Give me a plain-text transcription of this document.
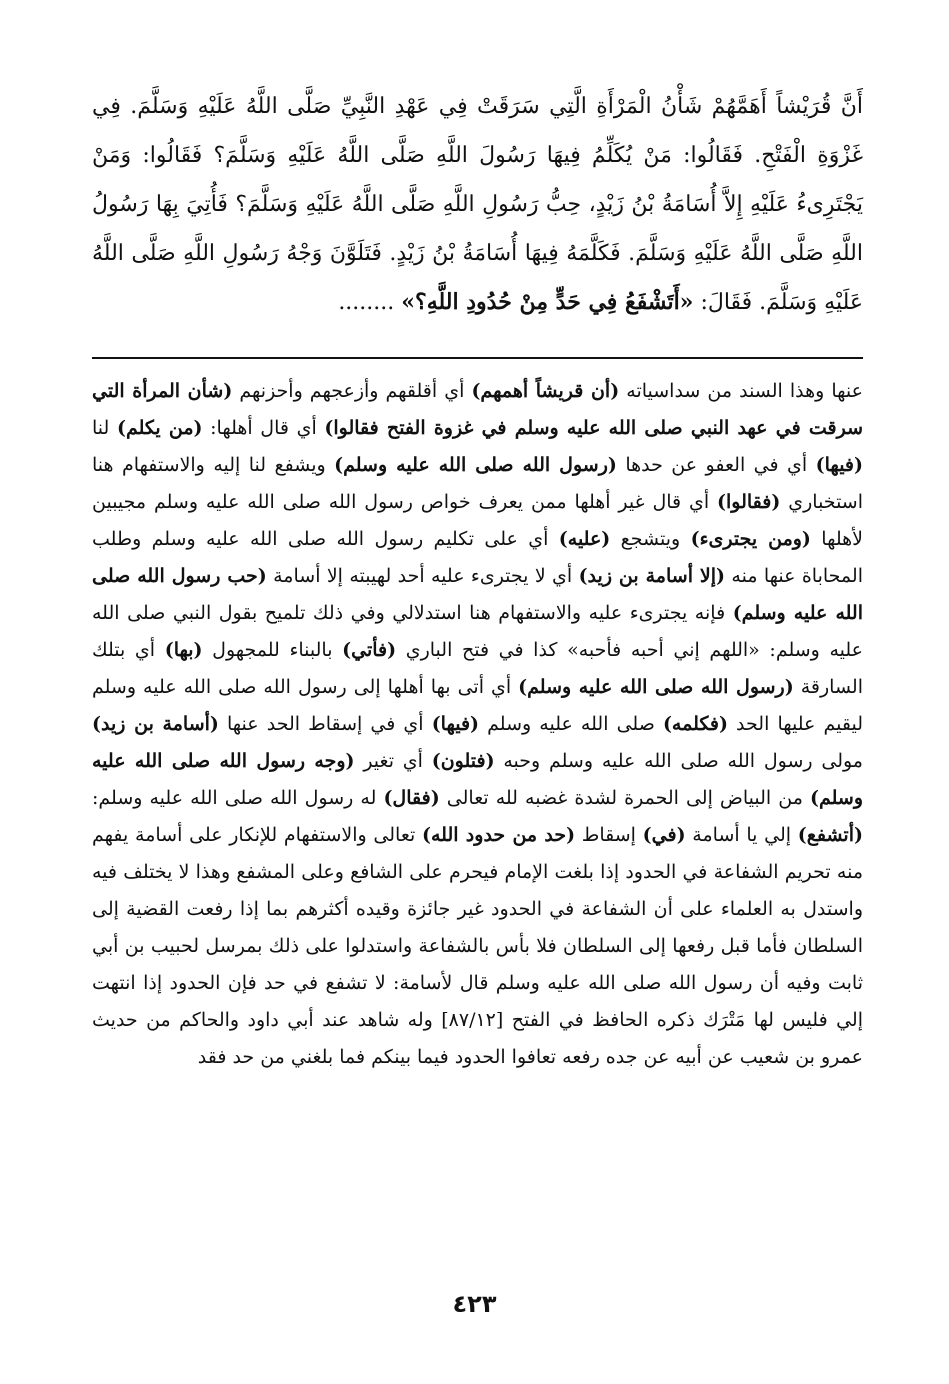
أَنَّ قُرَيْشاً أَهَمَّهُمْ شَأْنُ الْمَرْأَةِ الَّتِي سَرَقَتْ فِي عَهْدِ النَّبِيِّ صَلَّى اللَّهُ عَلَيْهِ وَسَلَّمَ. فِي غَزْوَةِ الْفَتْحِ. فَقَالُوا: مَنْ يُكَلِّمُ فِيهَا رَسُولَ اللَّهِ صَلَّى اللَّهُ عَلَيْهِ وَسَلَّمَ؟ فَقَالُوا: وَمَنْ يَجْتَرِىءُ عَلَيْهِ إِلاَّ أُسَامَةُ بْنُ زَيْدٍ، حِبُّ رَسُولِ اللَّهِ صَلَّى اللَّهُ عَلَيْهِ وَسَلَّمَ؟ فَأُتِيَ بِهَا رَسُولُ اللَّهِ صَلَّى اللَّهُ عَلَيْهِ وَسَلَّمَ. فَكَلَّمَهُ فِيهَا أُسَامَةُ بْنُ زَيْدٍ. فَتَلَوَّنَ وَجْهُ رَسُولِ اللَّهِ صَلَّى اللَّهُ عَلَيْهِ وَسَلَّمَ. فَقَالَ: «أَتَشْفَعُ فِي حَدٍّ مِنْ حُدُودِ اللَّهِ؟» ........

عنها وهذا السند من سداسياته (أن قريشاً أهمهم) أي أقلقهم وأزعجهم وأحزنهم (شأن المرأة التي سرقت في عهد النبي صلى الله عليه وسلم في غزوة الفتح فقالوا) أي قال أهلها: (من يكلم) لنا (فيها) أي في العفو عن حدها (رسول الله صلى الله عليه وسلم) ويشفع لنا إليه والاستفهام هنا استخباري (فقالوا) أي قال غير أهلها ممن يعرف خواص رسول الله صلى الله عليه وسلم مجيبين لأهلها (ومن يجترىء) ويتشجع (عليه) أي على تكليم رسول الله صلى الله عليه وسلم وطلب المحاباة عنها منه (إلا أسامة بن زيد) أي لا يجترىء عليه أحد لهيبته إلا أسامة (حب رسول الله صلى الله عليه وسلم) فإنه يجترىء عليه والاستفهام هنا استدلالي وفي ذلك تلميح بقول النبي صلى الله عليه وسلم: «اللهم إني أحبه فأحبه» كذا في فتح الباري (فأتي) بالبناء للمجهول (بها) أي بتلك السارقة (رسول الله صلى الله عليه وسلم) أي أتى بها أهلها إلى رسول الله صلى الله عليه وسلم ليقيم عليها الحد (فكلمه) صلى الله عليه وسلم (فيها) أي في إسقاط الحد عنها (أسامة بن زيد) مولى رسول الله صلى الله عليه وسلم وحبه (فتلون) أي تغير (وجه رسول الله صلى الله عليه وسلم) من البياض إلى الحمرة لشدة غضبه لله تعالى (فقال) له رسول الله صلى الله عليه وسلم: (أتشفع) إلي يا أسامة (في) إسقاط (حد من حدود الله) تعالى والاستفهام للإنكار على أسامة يفهم منه تحريم الشفاعة في الحدود إذا بلغت الإمام فيحرم على الشافع وعلى المشفع وهذا لا يختلف فيه واستدل به العلماء على أن الشفاعة في الحدود غير جائزة وقيده أكثرهم بما إذا رفعت القضية إلى السلطان فأما قبل رفعها إلى السلطان فلا بأس بالشفاعة واستدلوا على ذلك بمرسل لحبيب بن أبي ثابت وفيه أن رسول الله صلى الله عليه وسلم قال لأسامة: لا تشفع في حد فإن الحدود إذا انتهت إلي فليس لها مَتْرَك ذكره الحافظ في الفتح [٨٧/١٢] وله شاهد عند أبي داود والحاكم من حديث عمرو بن شعيب عن أبيه عن جده رفعه تعافوا الحدود فيما بينكم فما بلغني من حد فقد

٤٢٣
